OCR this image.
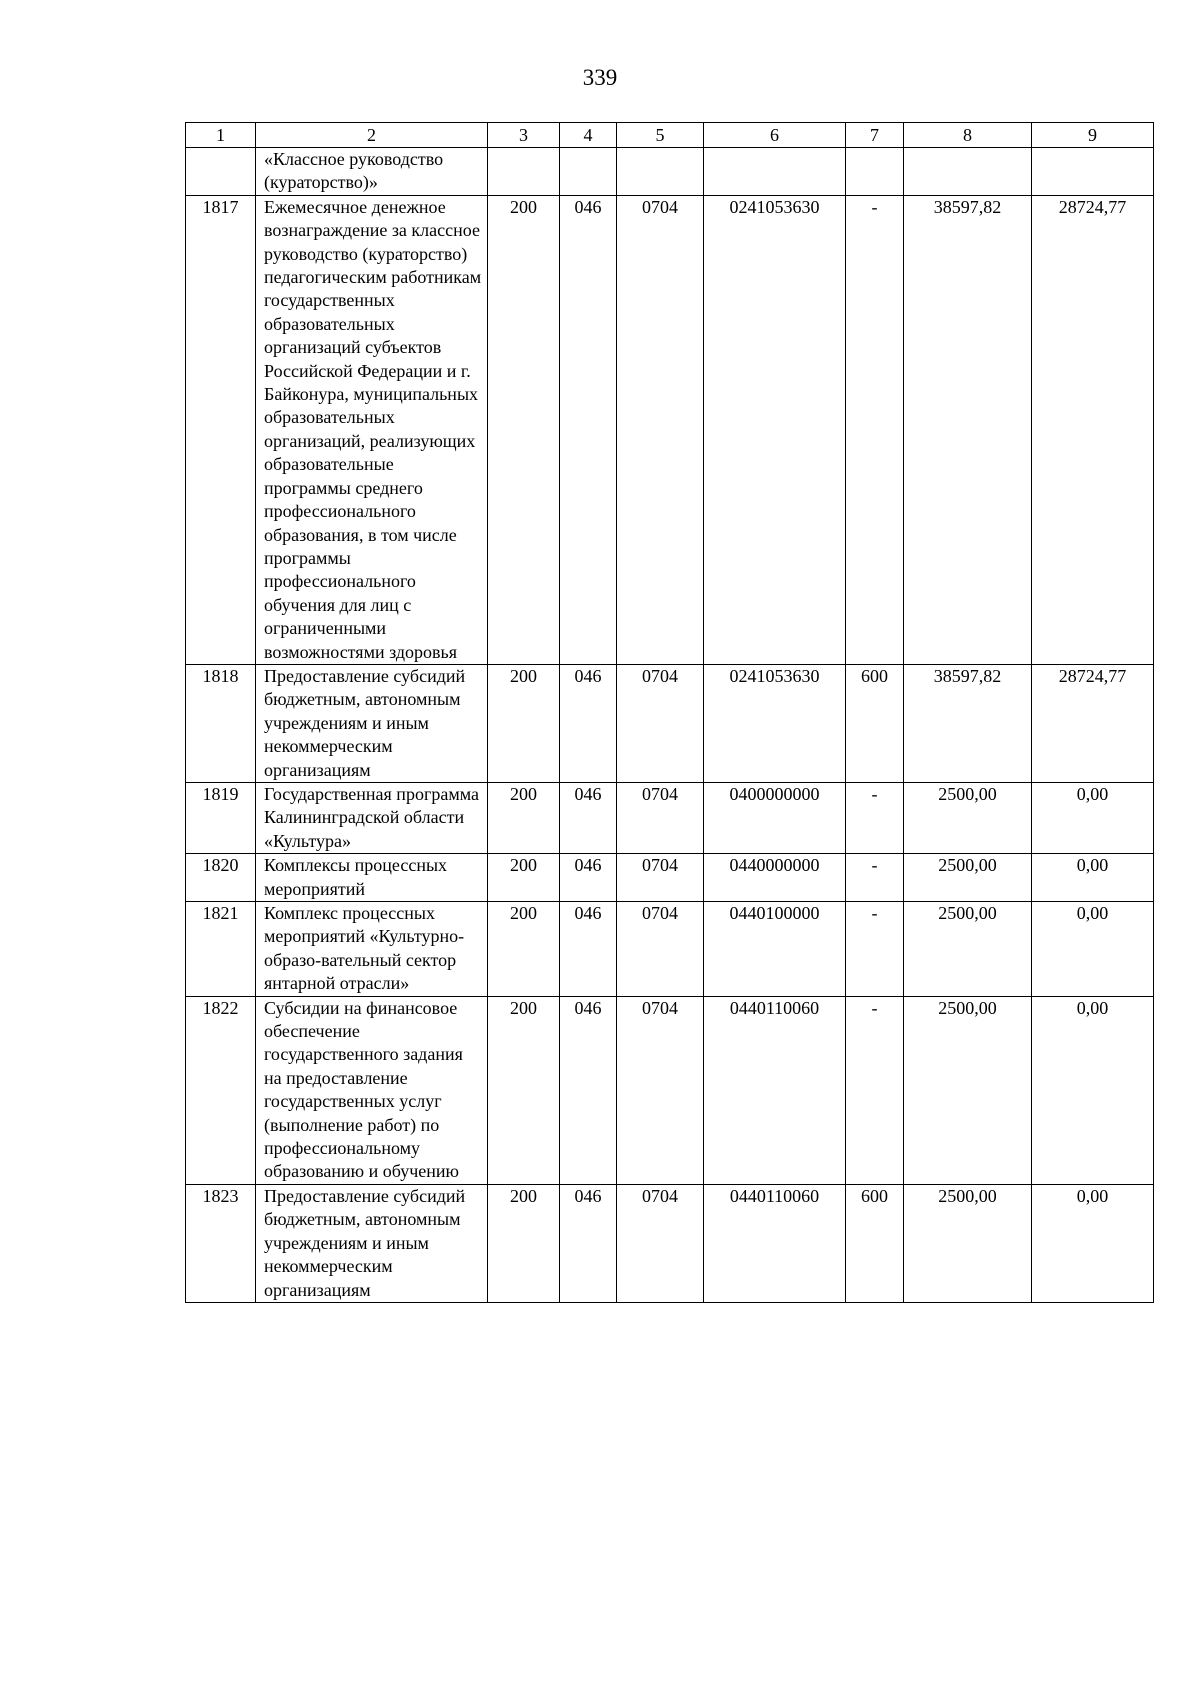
339
1	2	3	4	5	6	7	8	9
	«Классное руководство (кураторство)»							
1817	Ежемесячное денежное вознаграждение за классное руководство (кураторство) педагогическим работникам государственных образовательных организаций субъектов Российской Федерации и г. Байконура, муниципальных образовательных организаций, реализующих образовательные программы среднего профессионального образования, в том числе программы профессионального обучения для лиц с ограниченными возможностями здоровья	200	046	0704	0241053630	-	38597,82	28724,77
1818	Предоставление субсидий бюджетным, автономным учреждениям и иным некоммерческим организациям	200	046	0704	0241053630	600	38597,82	28724,77
1819	Государственная программа Калининградской области «Культура»	200	046	0704	0400000000	-	2500,00	0,00
1820	Комплексы процессных мероприятий	200	046	0704	0440000000	-	2500,00	0,00
1821	Комплекс процессных мероприятий «Культурно-образо-вательный сектор янтарной отрасли»	200	046	0704	0440100000	-	2500,00	0,00
1822	Субсидии на финансовое обеспечение государственного задания на предоставление государственных услуг (выполнение работ) по профессиональному образованию и обучению	200	046	0704	0440110060	-	2500,00	0,00
1823	Предоставление субсидий бюджетным, автономным учреждениям и иным некоммерческим организациям	200	046	0704	0440110060	600	2500,00	0,00
